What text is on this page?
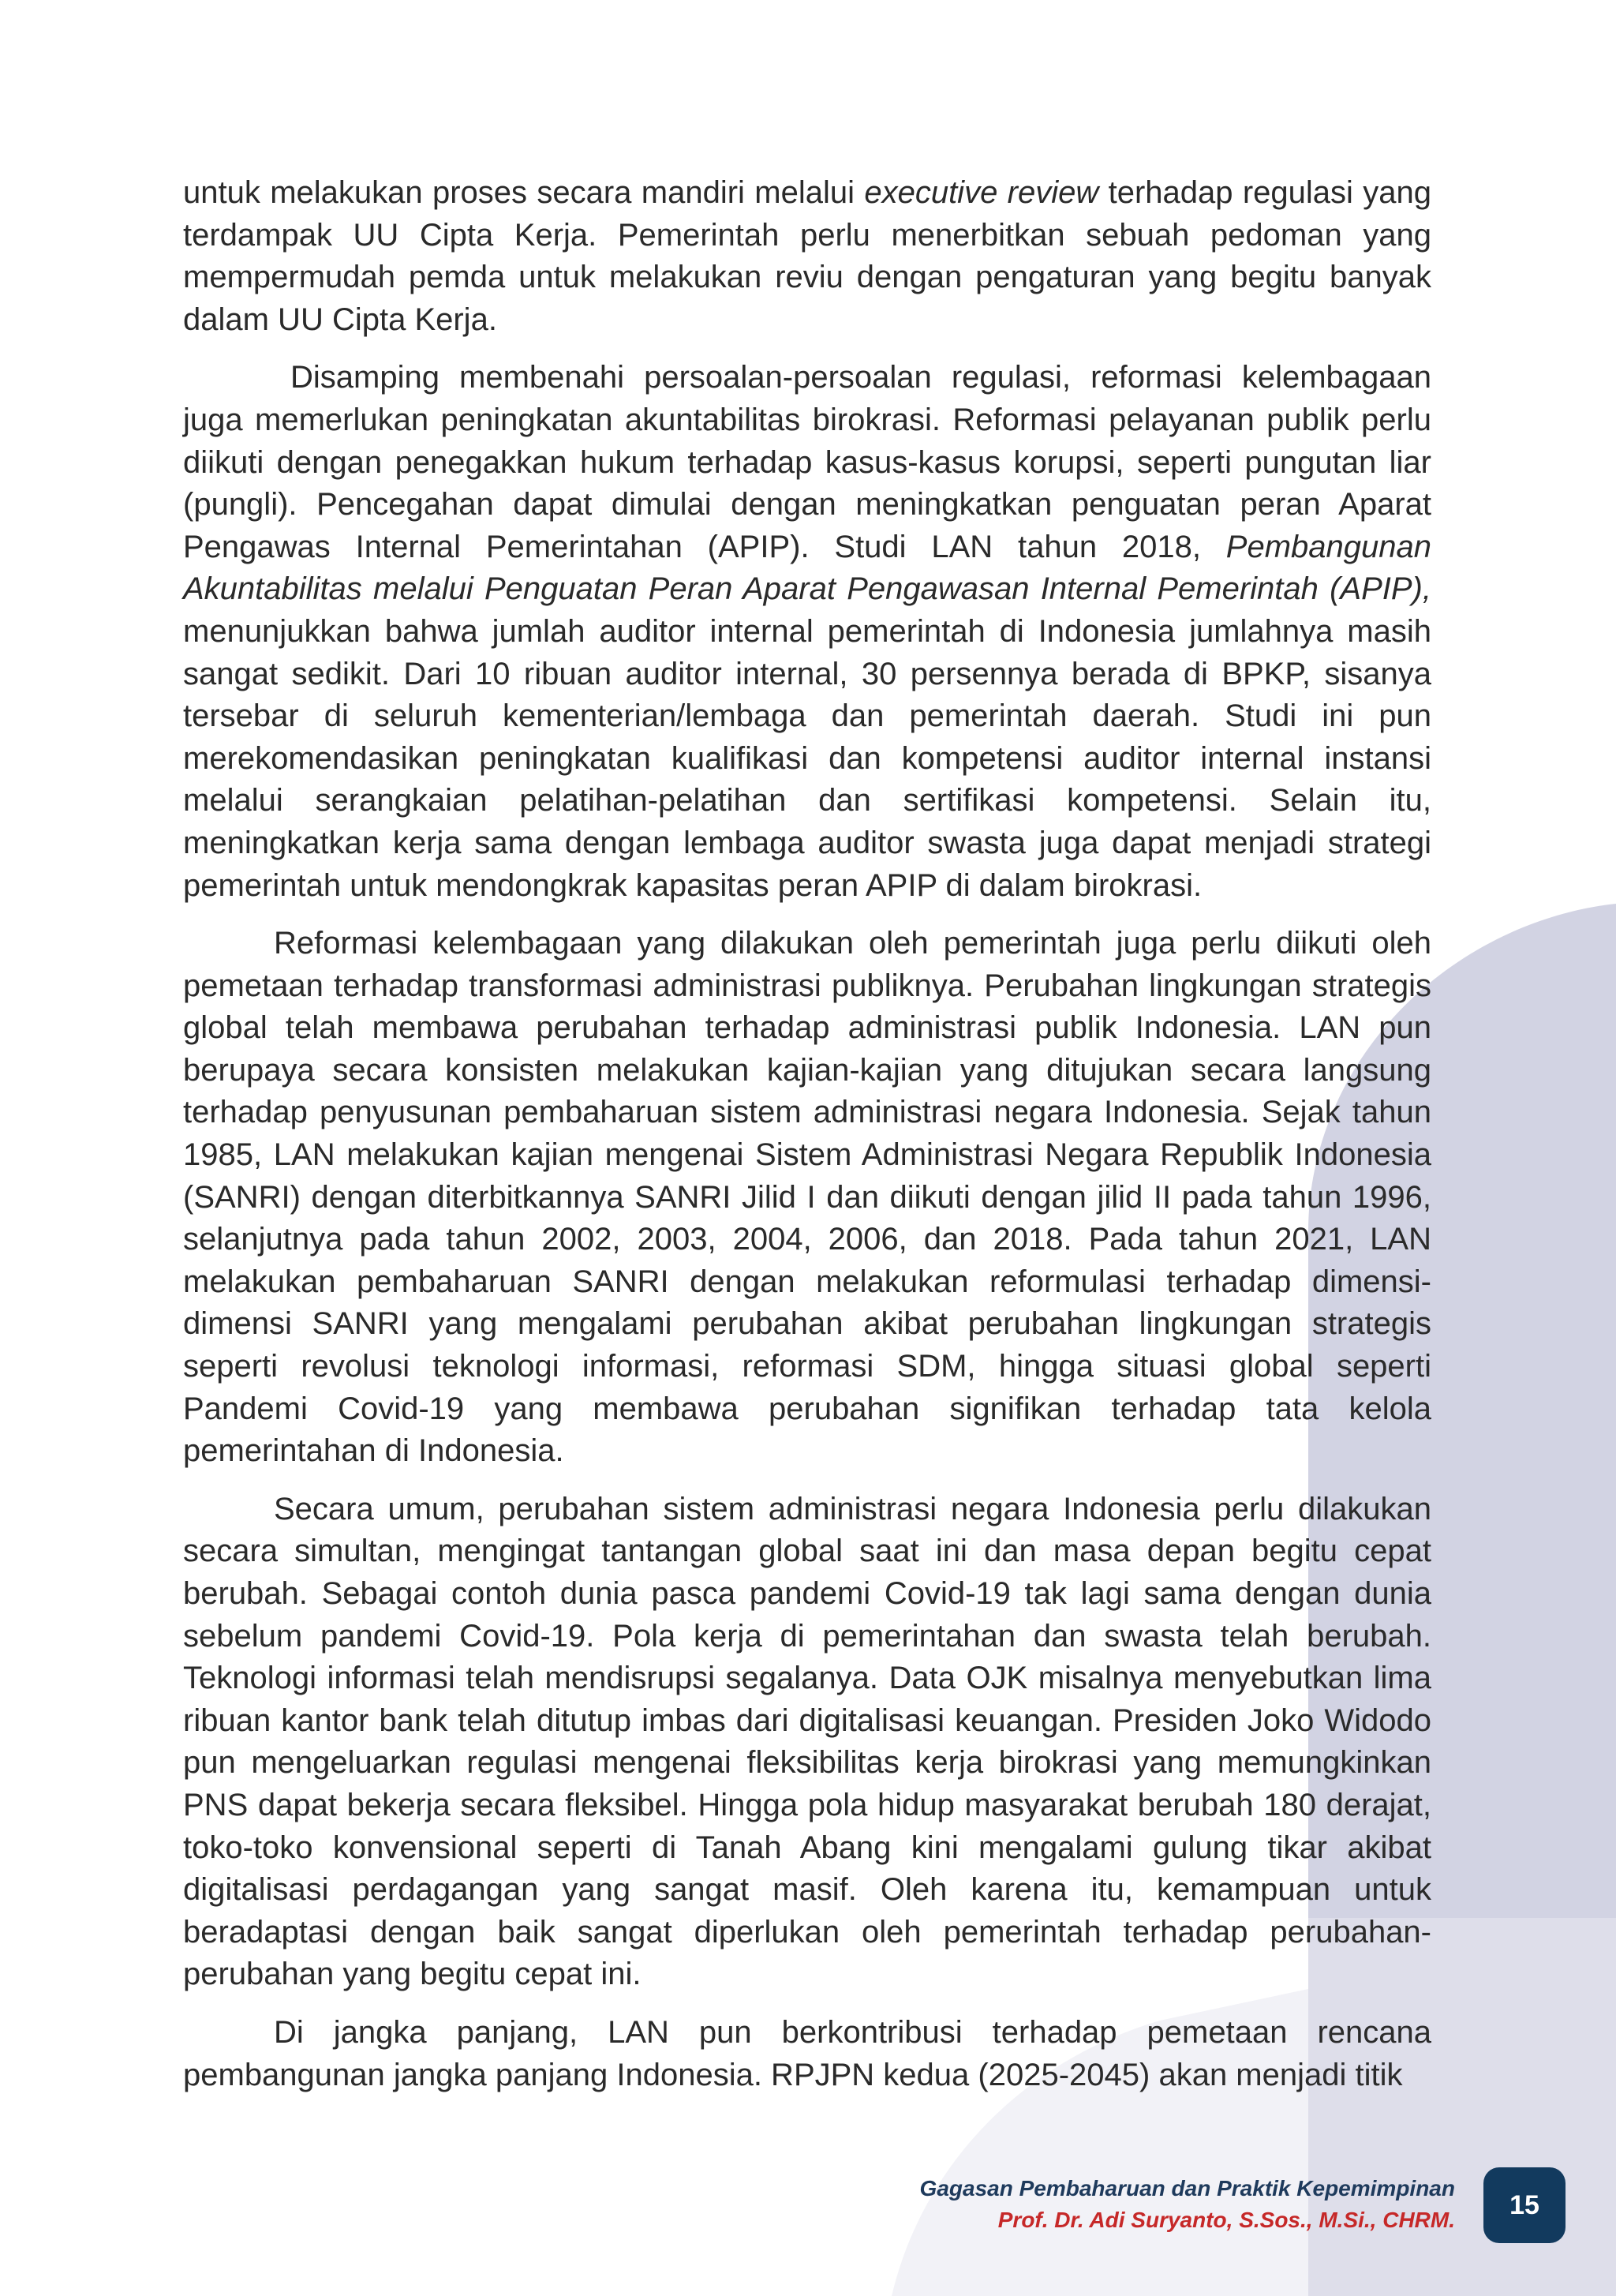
untuk melakukan proses secara mandiri melalui executive review terhadap regulasi yang terdampak UU Cipta Kerja. Pemerintah perlu menerbitkan sebuah pedoman yang mempermudah pemda untuk melakukan reviu dengan pengaturan yang begitu banyak dalam UU Cipta Kerja.

Disamping membenahi persoalan-persoalan regulasi, reformasi kelembagaan juga memerlukan peningkatan akuntabilitas birokrasi. Reformasi pelayanan publik perlu diikuti dengan penegakkan hukum terhadap kasus-kasus korupsi, seperti pungutan liar (pungli). Pencegahan dapat dimulai dengan meningkatkan penguatan peran Aparat Pengawas Internal Pemerintahan (APIP). Studi LAN tahun 2018, Pembangunan Akuntabilitas melalui Penguatan Peran Aparat Pengawasan Internal Pemerintah (APIP), menunjukkan bahwa jumlah auditor internal pemerintah di Indonesia jumlahnya masih sangat sedikit. Dari 10 ribuan auditor internal, 30 persennya berada di BPKP, sisanya tersebar di seluruh kementerian/lembaga dan pemerintah daerah. Studi ini pun merekomendasikan peningkatan kualifikasi dan kompetensi auditor internal instansi melalui serangkaian pelatihan-pelatihan dan sertifikasi kompetensi. Selain itu, meningkatkan kerja sama dengan lembaga auditor swasta juga dapat menjadi strategi pemerintah untuk mendongkrak kapasitas peran APIP di dalam birokrasi.

Reformasi kelembagaan yang dilakukan oleh pemerintah juga perlu diikuti oleh pemetaan terhadap transformasi administrasi publiknya. Perubahan lingkungan strategis global telah membawa perubahan terhadap administrasi publik Indonesia. LAN pun berupaya secara konsisten melakukan kajian-kajian yang ditujukan secara langsung terhadap penyusunan pembaharuan sistem administrasi negara Indonesia. Sejak tahun 1985, LAN melakukan kajian mengenai Sistem Administrasi Negara Republik Indonesia (SANRI) dengan diterbitkannya SANRI Jilid I dan diikuti dengan jilid II pada tahun 1996, selanjutnya pada tahun 2002, 2003, 2004, 2006, dan 2018. Pada tahun 2021, LAN melakukan pembaharuan SANRI dengan melakukan reformulasi terhadap dimensi-dimensi SANRI yang mengalami perubahan akibat perubahan lingkungan strategis seperti revolusi teknologi informasi, reformasi SDM, hingga situasi global seperti Pandemi Covid-19 yang membawa perubahan signifikan terhadap tata kelola pemerintahan di Indonesia.

Secara umum, perubahan sistem administrasi negara Indonesia perlu dilakukan secara simultan, mengingat tantangan global saat ini dan masa depan begitu cepat berubah. Sebagai contoh dunia pasca pandemi Covid-19 tak lagi sama dengan dunia sebelum pandemi Covid-19. Pola kerja di pemerintahan dan swasta telah berubah. Teknologi informasi telah mendisrupsi segalanya. Data OJK misalnya menyebutkan lima ribuan kantor bank telah ditutup imbas dari digitalisasi keuangan. Presiden Joko Widodo pun mengeluarkan regulasi mengenai fleksibilitas kerja birokrasi yang memungkinkan PNS dapat bekerja secara fleksibel. Hingga pola hidup masyarakat berubah 180 derajat, toko-toko konvensional seperti di Tanah Abang kini mengalami gulung tikar akibat digitalisasi perdagangan yang sangat masif. Oleh karena itu, kemampuan untuk beradaptasi dengan baik sangat diperlukan oleh pemerintah terhadap perubahan-perubahan yang begitu cepat ini.

Di jangka panjang, LAN pun berkontribusi terhadap pemetaan rencana pembangunan jangka panjang Indonesia. RPJPN kedua (2025-2045) akan menjadi titik

Gagasan Pembaharuan dan Praktik Kepemimpinan
Prof. Dr. Adi Suryanto, S.Sos., M.Si., CHRM.	15
